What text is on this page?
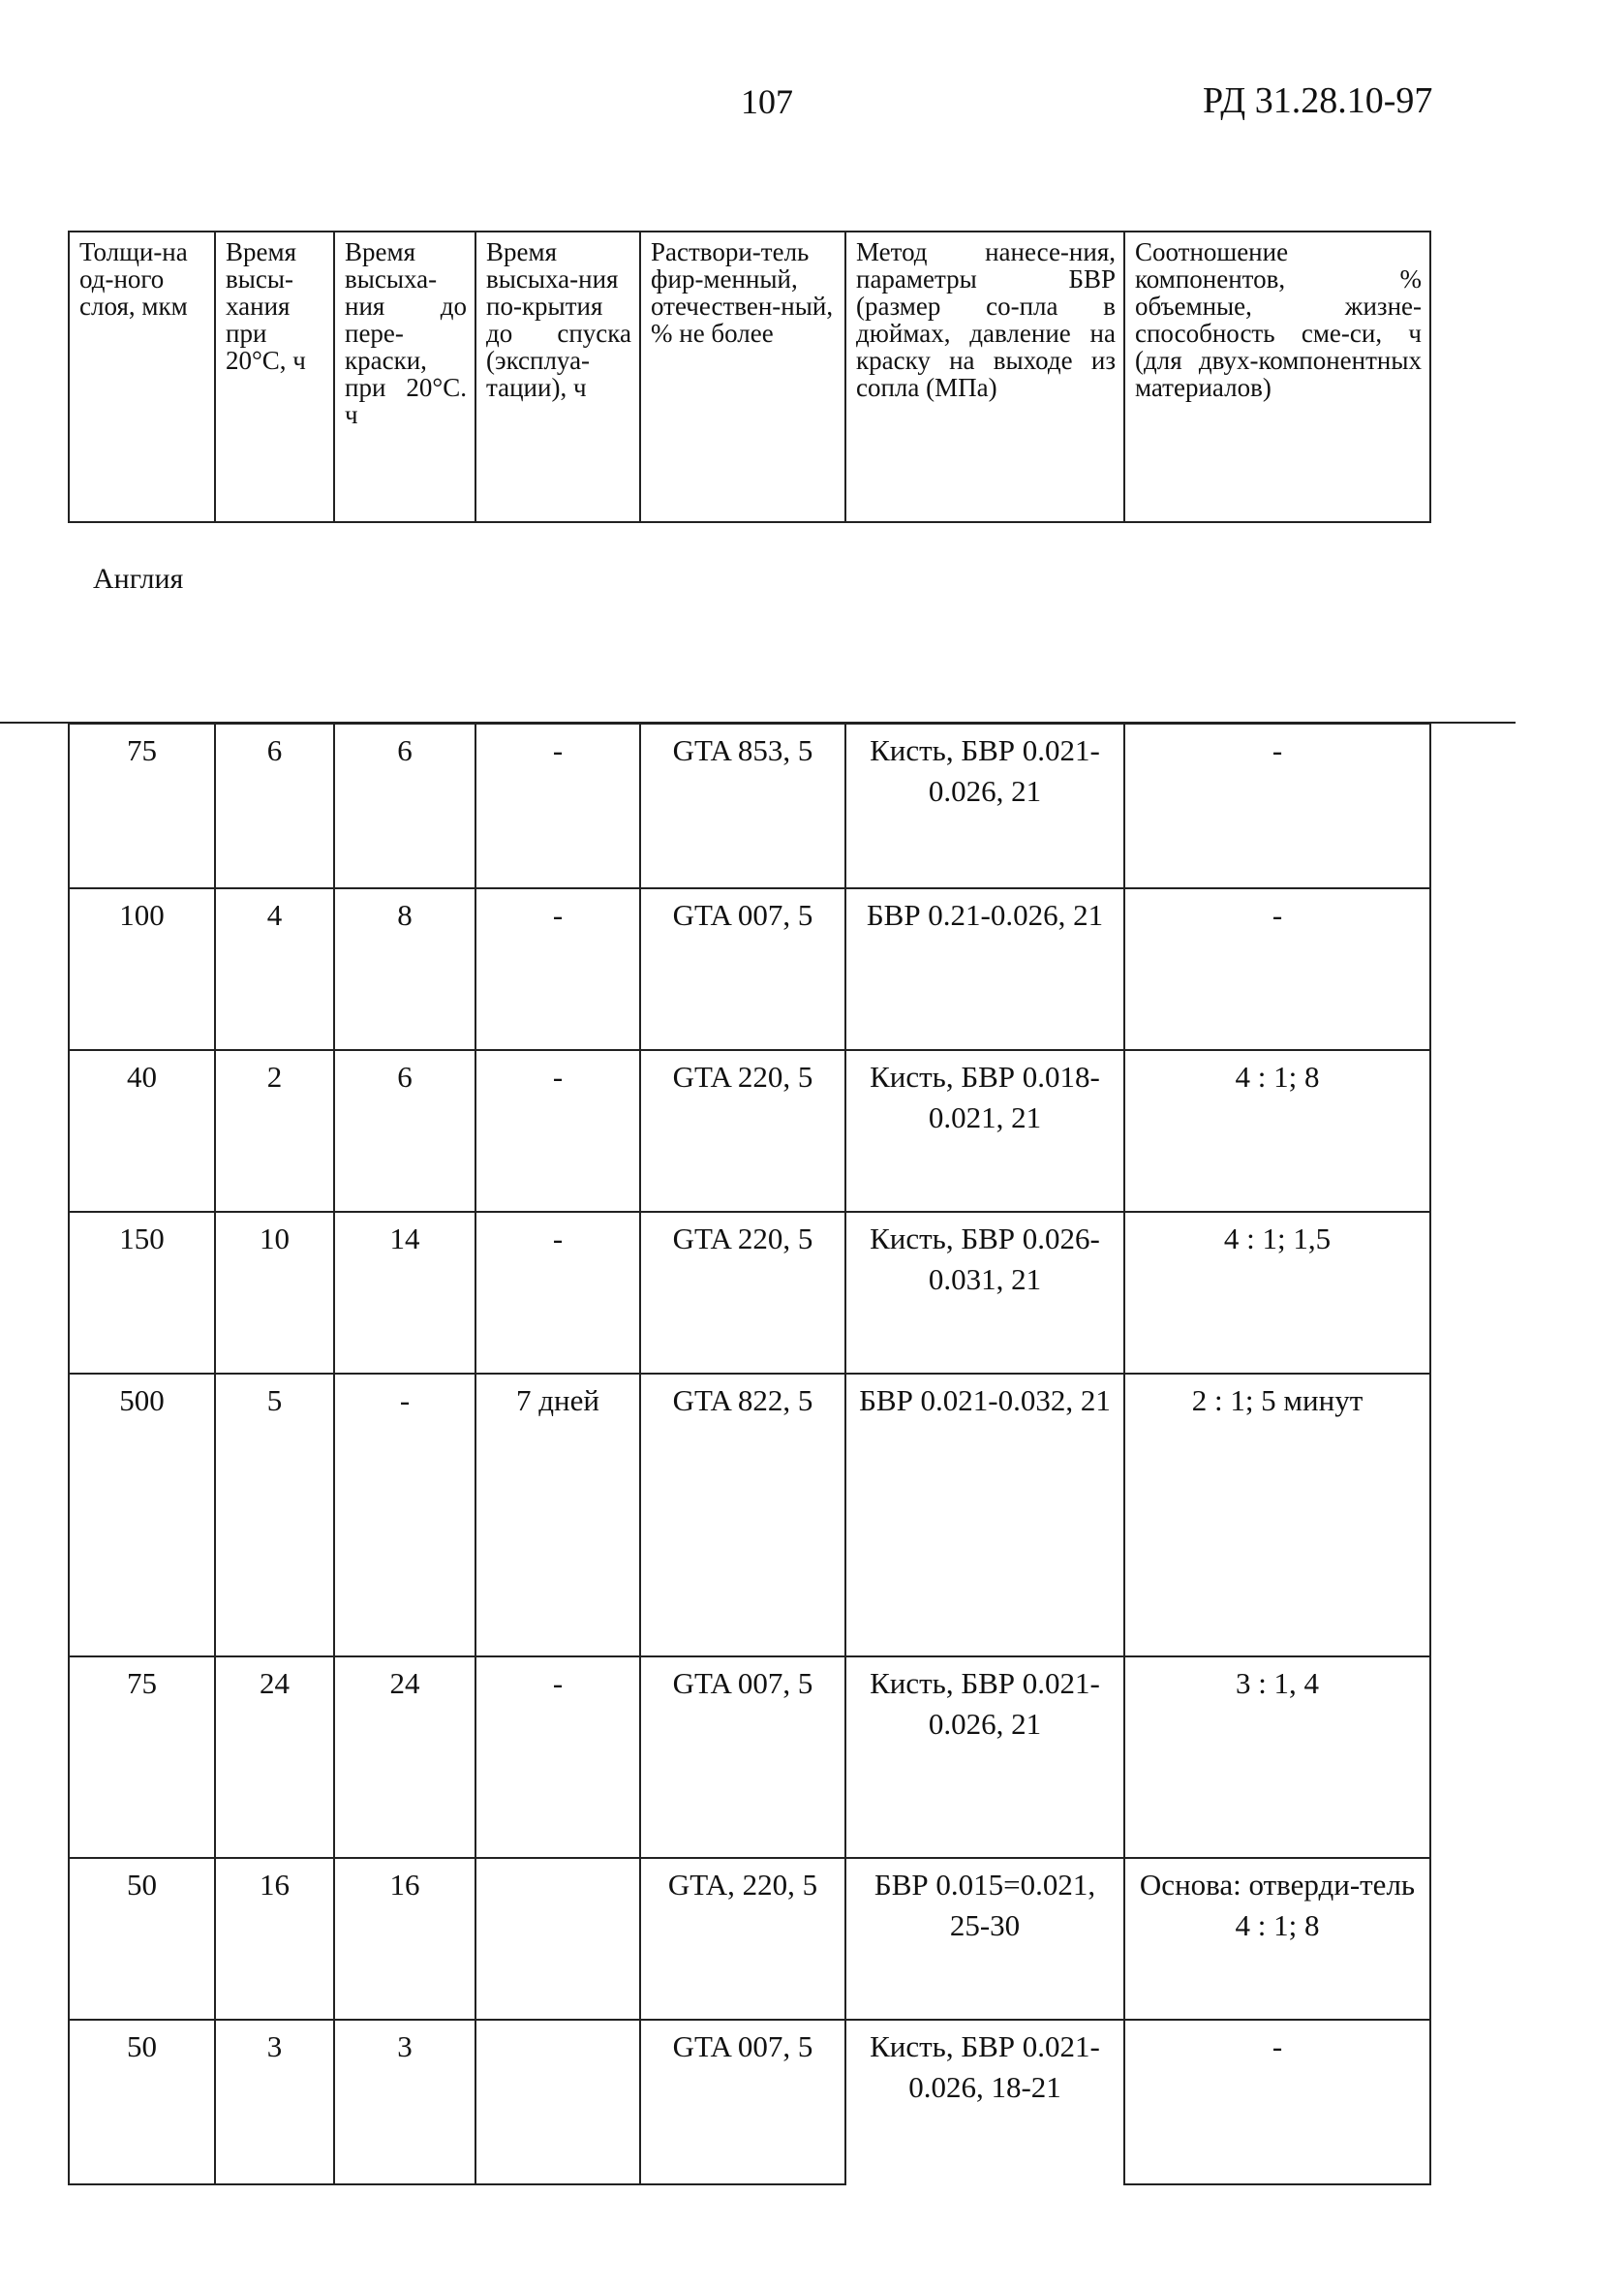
107	РД 31.28.10-97
Толщи-на од-ного слоя, мкм	Время высы-хания при 20°С, ч	Время высыха-ния до пере-краски, при 20°С. ч	Время высыха-ния по-крытия до спуска (эксплуа-тации), ч	Раствори-тель фир-менный, отечествен-ный, % не более	Метод нанесе-ния, параметры БВР (размер со-пла в дюймах, давление на краску на выходе из сопла (МПа)	Соотношение компонентов, % объемные, жизне-способность сме-си, ч (для двух-компонентных материалов)
Англия
75	6	6	-	GTA 853, 5	Кисть, БВР 0.021-0.026, 21	-
100	4	8	-	GTA 007, 5	БВР 0.21-0.026, 21	-
40	2	6	-	GTA 220, 5	Кисть, БВР 0.018-0.021, 21	4 : 1; 8
150	10	14	-	GTA 220, 5	Кисть, БВР 0.026-0.031, 21	4 : 1; 1,5
500	5	-	7 дней	GTA 822, 5	БВР 0.021-0.032, 21	2 : 1; 5 минут
75	24	24	-	GTA 007, 5	Кисть, БВР 0.021-0.026, 21	3 : 1, 4
50	16	16		GTA, 220, 5	БВР 0.015=0.021, 25-30	Основа: отверди-тель 4 : 1; 8
50	3	3		GTA 007, 5	Кисть, БВР 0.021-0.026, 18-21	-
